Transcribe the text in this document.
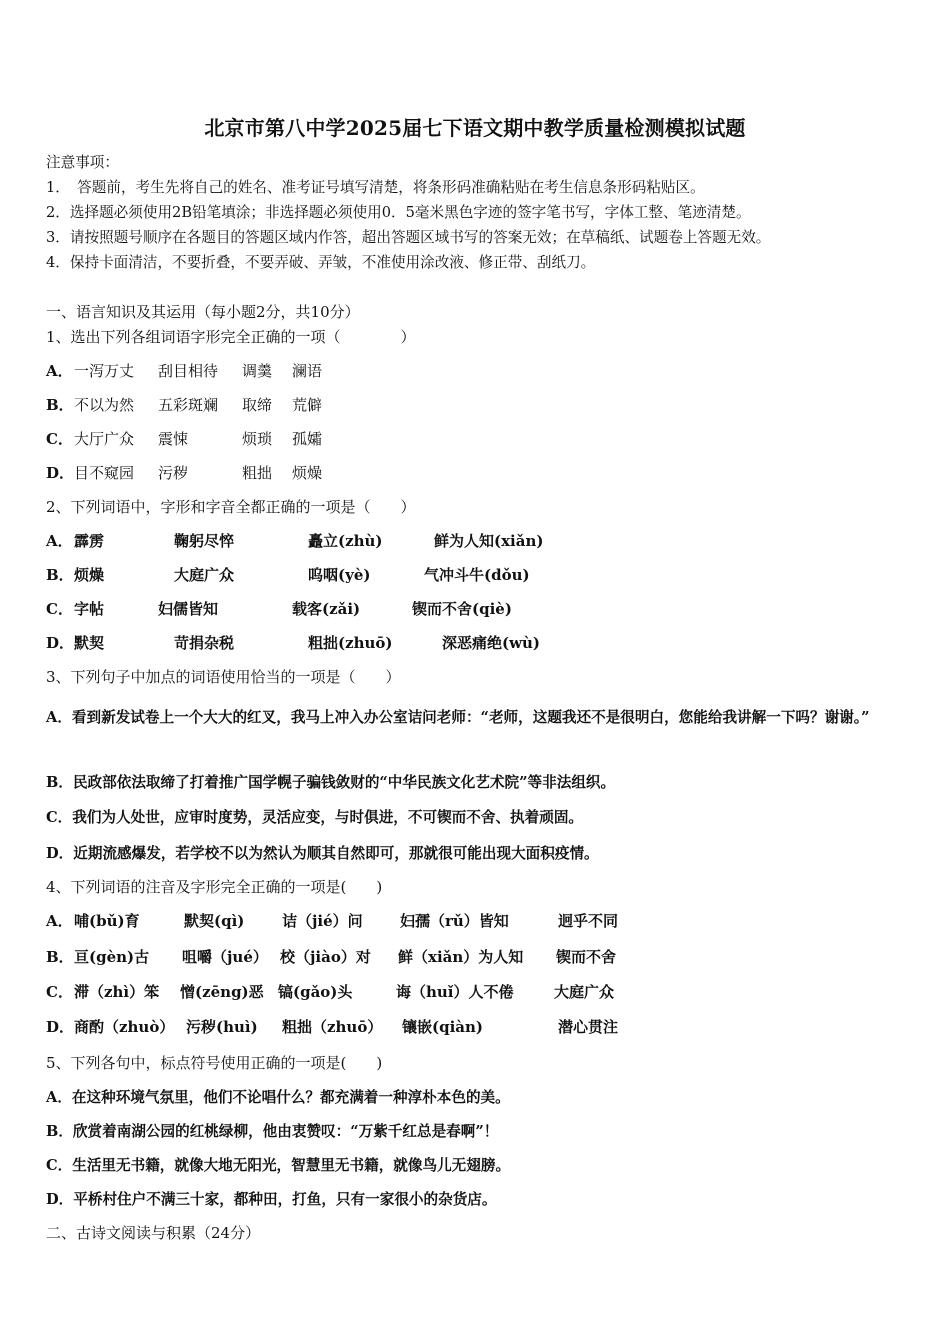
北京市第八中学2025届七下语文期中教学质量检测模拟试题
注意事项：
1．　答题前，考生先将自己的姓名、准考证号填写清楚，将条形码准确粘贴在考生信息条形码粘贴区。
2．选择题必须使用2B铅笔填涂；非选择题必须使用0．5毫米黑色字迹的签字笔书写，字体工整、笔迹清楚。
3．请按照题号顺序在各题目的答题区域内作答，超出答题区域书写的答案无效；在草稿纸、试题卷上答题无效。
4．保持卡面清洁，不要折叠，不要弄破、弄皱，不准使用涂改液、修正带、刮纸刀。
一、语言知识及其运用（每小题2分，共10分）
1、选出下列各组词语字形完全正确的一项（　　　　）
A． 一泻万丈 刮目相待 调羹 澜语
B． 不以为然 五彩斑斓 取缔 荒僻
C． 大厅广众 震悚	烦琐 孤孀
D． 目不窥园 污秽	粗拙 烦燥
2、下列词语中，字形和字音全都正确的一项是（　　）
A． 霹雳	鞠躬尽悴	矗立(zhù)	鲜为人知(xiǎn)
B． 烦燥	大庭广众	呜咽(yè)	气冲斗牛(dǒu)
C． 字帖	妇儒皆知	载客(zǎi)	锲而不舍(qiè)
D． 默契	苛捐杂税	粗拙(zhuō)	深恶痛绝(wù)
3、下列句子中加点的词语使用恰当的一项是（　　）
A．看到新发试卷上一个大大的红叉，我马上冲入办公室诘问老师：“老师，这题我还不是很明白，您能给我讲解一下吗？谢谢。”
B．民政部依法取缔了打着推广国学幌子骗钱敛财的“中华民族文化艺术院”等非法组织。
C．我们为人处世，应审时度势，灵活应变，与时俱进，不可锲而不舍、执着顽固。
D．近期流感爆发，若学校不以为然认为顺其自然即可，那就很可能出现大面积疫情。
4、下列词语的注音及字形完全正确的一项是(　　)
A． 哺(bǔ)育	默契(qì)	诘（jié）问 妇孺（rǔ）皆知	迥乎不同
B． 亘(gèn)古 咀嚼（jué） 校（jiào）对 鲜（xiǎn）为人知 锲而不舍
C． 滞（zhì）笨 憎(zēng)恶 镐(gǎo)头	诲（huǐ）人不倦	大庭广众
D． 商酌（zhuò） 污秽(huì) 粗拙（zhuō） 镶嵌(qiàn)	潜心贯注
5、下列各句中，标点符号使用正确的一项是(　　)
A．在这种环境气氛里，他们不论唱什么？都充满着一种淳朴本色的美。
B．欣赏着南湖公园的红桃绿柳，他由衷赞叹：“万紫千红总是春啊”！
C．生活里无书籍，就像大地无阳光，智慧里无书籍，就像鸟儿无翅膀。
D．平桥村住户不满三十家，都种田，打鱼，只有一家很小的杂货店。
二、古诗文阅读与积累（24分）
